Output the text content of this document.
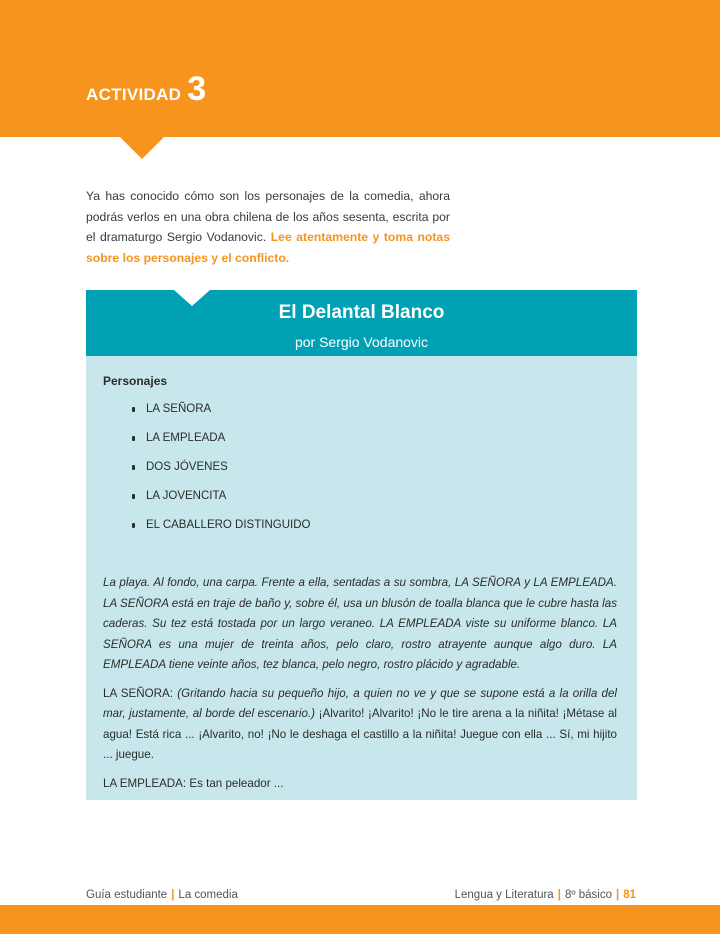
ACTIVIDAD 3

Ya has conocido cómo son los personajes de la comedia, ahora podrás verlos en una obra chilena de los años sesenta, escrita por el dramaturgo Sergio Vodanovic. Lee atentamente y toma notas sobre los personajes y el conflicto.

El Delantal Blanco
por Sergio Vodanovic
Personajes
LA SEÑORA
LA EMPLEADA
DOS JÓVENES
LA JOVENCITA
EL CABALLERO DISTINGUIDO

La playa. Al fondo, una carpa. Frente a ella, sentadas a su sombra, LA SEÑORA y LA EMPLEADA. LA SEÑORA está en traje de baño y, sobre él, usa un blusón de toalla blanca que le cubre hasta las caderas. Su tez está tostada por un largo veraneo. LA EMPLEADA viste su uniforme blanco. LA SEÑORA es una mujer de treinta años, pelo claro, rostro atrayente aunque algo duro. LA EMPLEADA tiene veinte años, tez blanca, pelo negro, rostro plácido y agradable.

LA SEÑORA: (Gritando hacia su pequeño hijo, a quien no ve y que se supone está a la orilla del mar, justamente, al borde del escenario.) ¡Alvarito! ¡Alvarito! ¡No le tire arena a la niñita! ¡Métase al agua! Está rica ... ¡Alvarito, no! ¡No le deshaga el castillo a la niñita! Juegue con ella ... Sí, mi hijito ... juegue.

LA EMPLEADA: Es tan peleador ...

Guía estudiante | La comedia	Lengua y Literatura | 8º básico | 81
